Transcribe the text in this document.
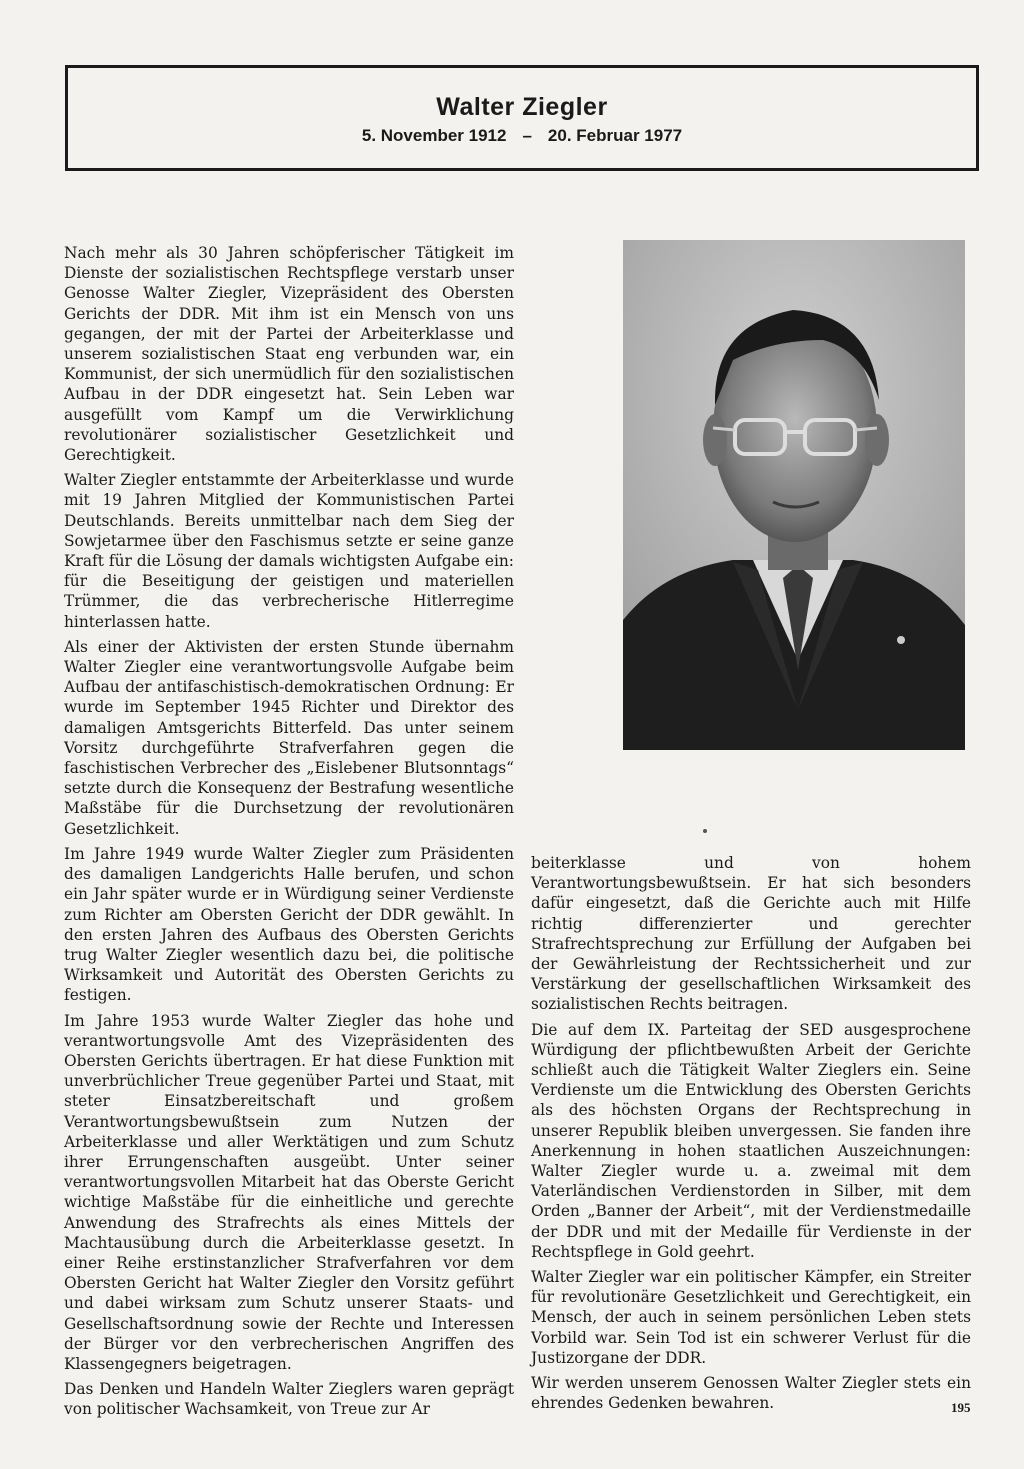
Walter Ziegler
5. November 1912 – 20. Februar 1977

Nach mehr als 30 Jahren schöpferischer Tätigkeit im Dienste der sozialistischen Rechtspflege verstarb unser Genosse Walter Ziegler, Vizepräsident des Obersten Gerichts der DDR. Mit ihm ist ein Mensch von uns gegangen, der mit der Partei der Arbeiterklasse und unserem sozialistischen Staat eng verbunden war, ein Kommunist, der sich unermüdlich für den sozialistischen Aufbau in der DDR eingesetzt hat. Sein Leben war ausgefüllt vom Kampf um die Verwirklichung revolutionärer sozialistischer Gesetzlichkeit und Gerechtigkeit.

Walter Ziegler entstammte der Arbeiterklasse und wurde mit 19 Jahren Mitglied der Kommunistischen Partei Deutschlands. Bereits unmittelbar nach dem Sieg der Sowjetarmee über den Faschismus setzte er seine ganze Kraft für die Lösung der damals wichtigsten Aufgabe ein: für die Beseitigung der geistigen und materiellen Trümmer, die das verbrecherische Hitlerregime hinterlassen hatte.

Als einer der Aktivisten der ersten Stunde übernahm Walter Ziegler eine verantwortungsvolle Aufgabe beim Aufbau der antifaschistisch-demokratischen Ordnung: Er wurde im September 1945 Richter und Direktor des damaligen Amtsgerichts Bitterfeld. Das unter seinem Vorsitz durchgeführte Strafverfahren gegen die faschistischen Verbrecher des „Eislebener Blutsonntags“ setzte durch die Konsequenz der Bestrafung wesentliche Maßstäbe für die Durchsetzung der revolutionären Gesetzlichkeit.

Im Jahre 1949 wurde Walter Ziegler zum Präsidenten des damaligen Landgerichts Halle berufen, und schon ein Jahr später wurde er in Würdigung seiner Verdienste zum Richter am Obersten Gericht der DDR gewählt. In den ersten Jahren des Aufbaus des Obersten Gerichts trug Walter Ziegler wesentlich dazu bei, die politische Wirksamkeit und Autorität des Obersten Gerichts zu festigen.

Im Jahre 1953 wurde Walter Ziegler das hohe und verantwortungsvolle Amt des Vizepräsidenten des Obersten Gerichts übertragen. Er hat diese Funktion mit unverbrüchlicher Treue gegenüber Partei und Staat, mit steter Einsatzbereitschaft und großem Verantwortungsbewußtsein zum Nutzen der Arbeiterklasse und aller Werktätigen und zum Schutz ihrer Errungenschaften ausgeübt. Unter seiner verantwortungsvollen Mitarbeit hat das Oberste Gericht wichtige Maßstäbe für die einheitliche und gerechte Anwendung des Strafrechts als eines Mittels der Machtausübung durch die Arbeiterklasse gesetzt. In einer Reihe erstinstanzlicher Strafverfahren vor dem Obersten Gericht hat Walter Ziegler den Vorsitz geführt und dabei wirksam zum Schutz unserer Staats- und Gesellschaftsordnung sowie der Rechte und Interessen der Bürger vor den verbrecherischen Angriffen des Klassengegners beigetragen.

Das Denken und Handeln Walter Zieglers waren geprägt von politischer Wachsamkeit, von Treue zur Ar

beiterklasse und von hohem Verantwortungsbewußtsein. Er hat sich besonders dafür eingesetzt, daß die Gerichte auch mit Hilfe richtig differenzierter und gerechter Strafrechtsprechung zur Erfüllung der Aufgaben bei der Gewährleistung der Rechtssicherheit und zur Verstärkung der gesellschaftlichen Wirksamkeit des sozialistischen Rechts beitragen.

Die auf dem IX. Parteitag der SED ausgesprochene Würdigung der pflichtbewußten Arbeit der Gerichte schließt auch die Tätigkeit Walter Zieglers ein. Seine Verdienste um die Entwicklung des Obersten Gerichts als des höchsten Organs der Rechtsprechung in unserer Republik bleiben unvergessen. Sie fanden ihre Anerkennung in hohen staatlichen Auszeichnungen: Walter Ziegler wurde u. a. zweimal mit dem Vaterländischen Verdienstorden in Silber, mit dem Orden „Banner der Arbeit“, mit der Verdienstmedaille der DDR und mit der Medaille für Verdienste in der Rechtspflege in Gold geehrt.

Walter Ziegler war ein politischer Kämpfer, ein Streiter für revolutionäre Gesetzlichkeit und Gerechtigkeit, ein Mensch, der auch in seinem persönlichen Leben stets Vorbild war. Sein Tod ist ein schwerer Verlust für die Justizorgane der DDR.

Wir werden unserem Genossen Walter Ziegler stets ein ehrendes Gedenken bewahren.	195
